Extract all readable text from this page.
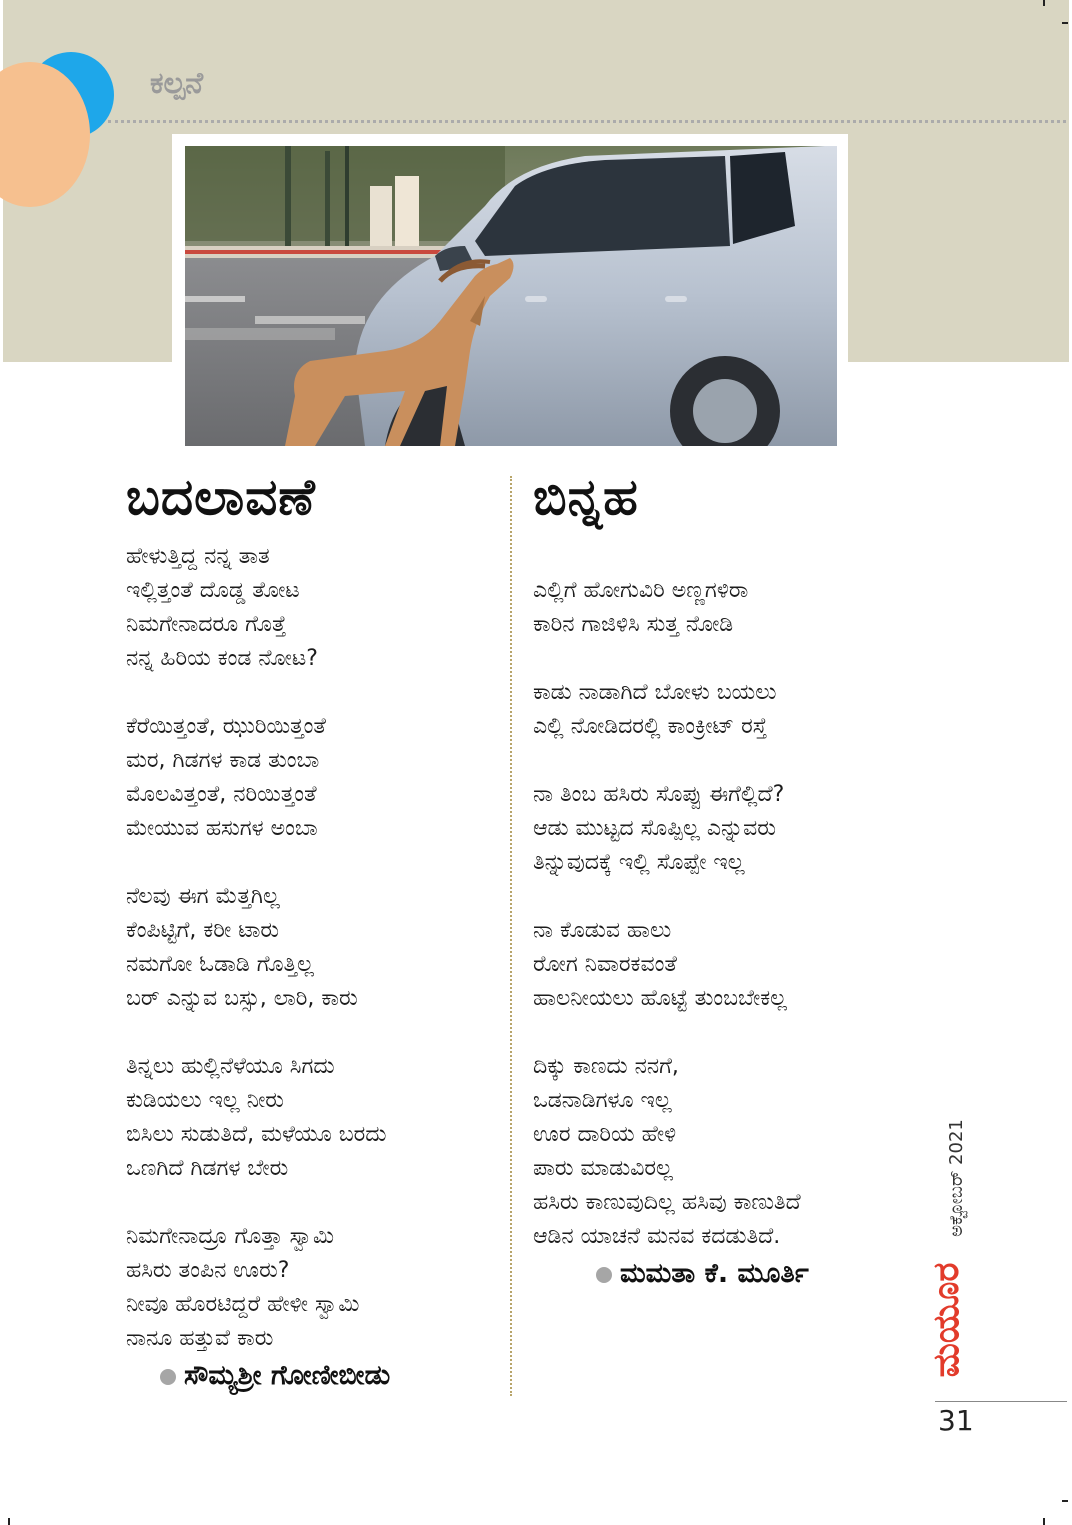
ಕಲ್ಪನೆ
ಬದಲಾವಣೆ
ಹೇಳುತ್ತಿದ್ದ ನನ್ನ ತಾತ
ಇಲ್ಲಿತ್ತಂತೆ ದೊಡ್ಡ ತೋಟ
ನಿಮಗೇನಾದರೂ ಗೊತ್ತೆ
ನನ್ನ ಹಿರಿಯ ಕಂಡ ನೋಟ?
ಕೆರೆಯಿತ್ತಂತೆ, ಝುರಿಯಿತ್ತಂತೆ
ಮರ, ಗಿಡಗಳ ಕಾಡ ತುಂಬಾ
ಮೊಲವಿತ್ತಂತೆ, ನರಿಯಿತ್ತಂತೆ
ಮೇಯುವ ಹಸುಗಳ ಅಂಬಾ
ನೆಲವು ಈಗ ಮೆತ್ತಗಿಲ್ಲ
ಕೆಂಪಿಟ್ಟಿಗೆ, ಕರೀ ಟಾರು
ನಮಗೋ ಓಡಾಡಿ ಗೊತ್ತಿಲ್ಲ
ಬರ್ ಎನ್ನುವ ಬಸ್ಸು, ಲಾರಿ, ಕಾರು
ತಿನ್ನಲು ಹುಲ್ಲಿನೆಳೆಯೂ ಸಿಗದು
ಕುಡಿಯಲು ಇಲ್ಲ ನೀರು
ಬಿಸಿಲು ಸುಡುತಿದೆ, ಮಳೆಯೂ ಬರದು
ಒಣಗಿದೆ ಗಿಡಗಳ ಬೇರು
ನಿಮಗೇನಾದ್ರೂ ಗೊತ್ತಾ ಸ್ವಾಮಿ
ಹಸಿರು ತಂಪಿನ ಊರು?
ನೀವೂ ಹೊರಟಿದ್ದರೆ ಹೇಳೀ ಸ್ವಾಮಿ
ನಾನೂ ಹತ್ತುವೆ ಕಾರು
ಸೌಮ್ಯಶ್ರೀ ಗೋಣೀಬೀಡು
ಬಿನ್ನಹ
ಎಲ್ಲಿಗೆ ಹೋಗುವಿರಿ ಅಣ್ಣಗಳಿರಾ
ಕಾರಿನ ಗಾಜಿಳಿಸಿ ಸುತ್ತ ನೋಡಿ
ಕಾಡು ನಾಡಾಗಿದೆ ಬೋಳು ಬಯಲು
ಎಲ್ಲಿ ನೋಡಿದರಲ್ಲಿ ಕಾಂಕ್ರೀಟ್ ರಸ್ತೆ
ನಾ ತಿಂಬ ಹಸಿರು ಸೊಪ್ಪು ಈಗೆಲ್ಲಿದೆ?
ಆಡು ಮುಟ್ಟದ ಸೊಪ್ಪಿಲ್ಲ ಎನ್ನುವರು
ತಿನ್ನುವುದಕ್ಕೆ ಇಲ್ಲಿ ಸೊಪ್ಪೇ ಇಲ್ಲ
ನಾ ಕೊಡುವ ಹಾಲು
ರೋಗ ನಿವಾರಕವಂತೆ
ಹಾಲನೀಯಲು ಹೊಟ್ಟೆ ತುಂಬಬೇಕಲ್ಲ
ದಿಕ್ಕು ಕಾಣದು ನನಗೆ,
ಒಡನಾಡಿಗಳೂ ಇಲ್ಲ
ಊರ ದಾರಿಯ ಹೇಳಿ
ಪಾರು ಮಾಡುವಿರಲ್ಲ
ಹಸಿರು ಕಾಣುವುದಿಲ್ಲ ಹಸಿವು ಕಾಣುತಿದೆ
ಆಡಿನ ಯಾಚನೆ ಮನವ ಕದಡುತಿದೆ.
ಮಮತಾ ಕೆ. ಮೂರ್ತಿ
ಅಕ್ಟೋಬರ್ 2021
ಮಯೂರ
31
